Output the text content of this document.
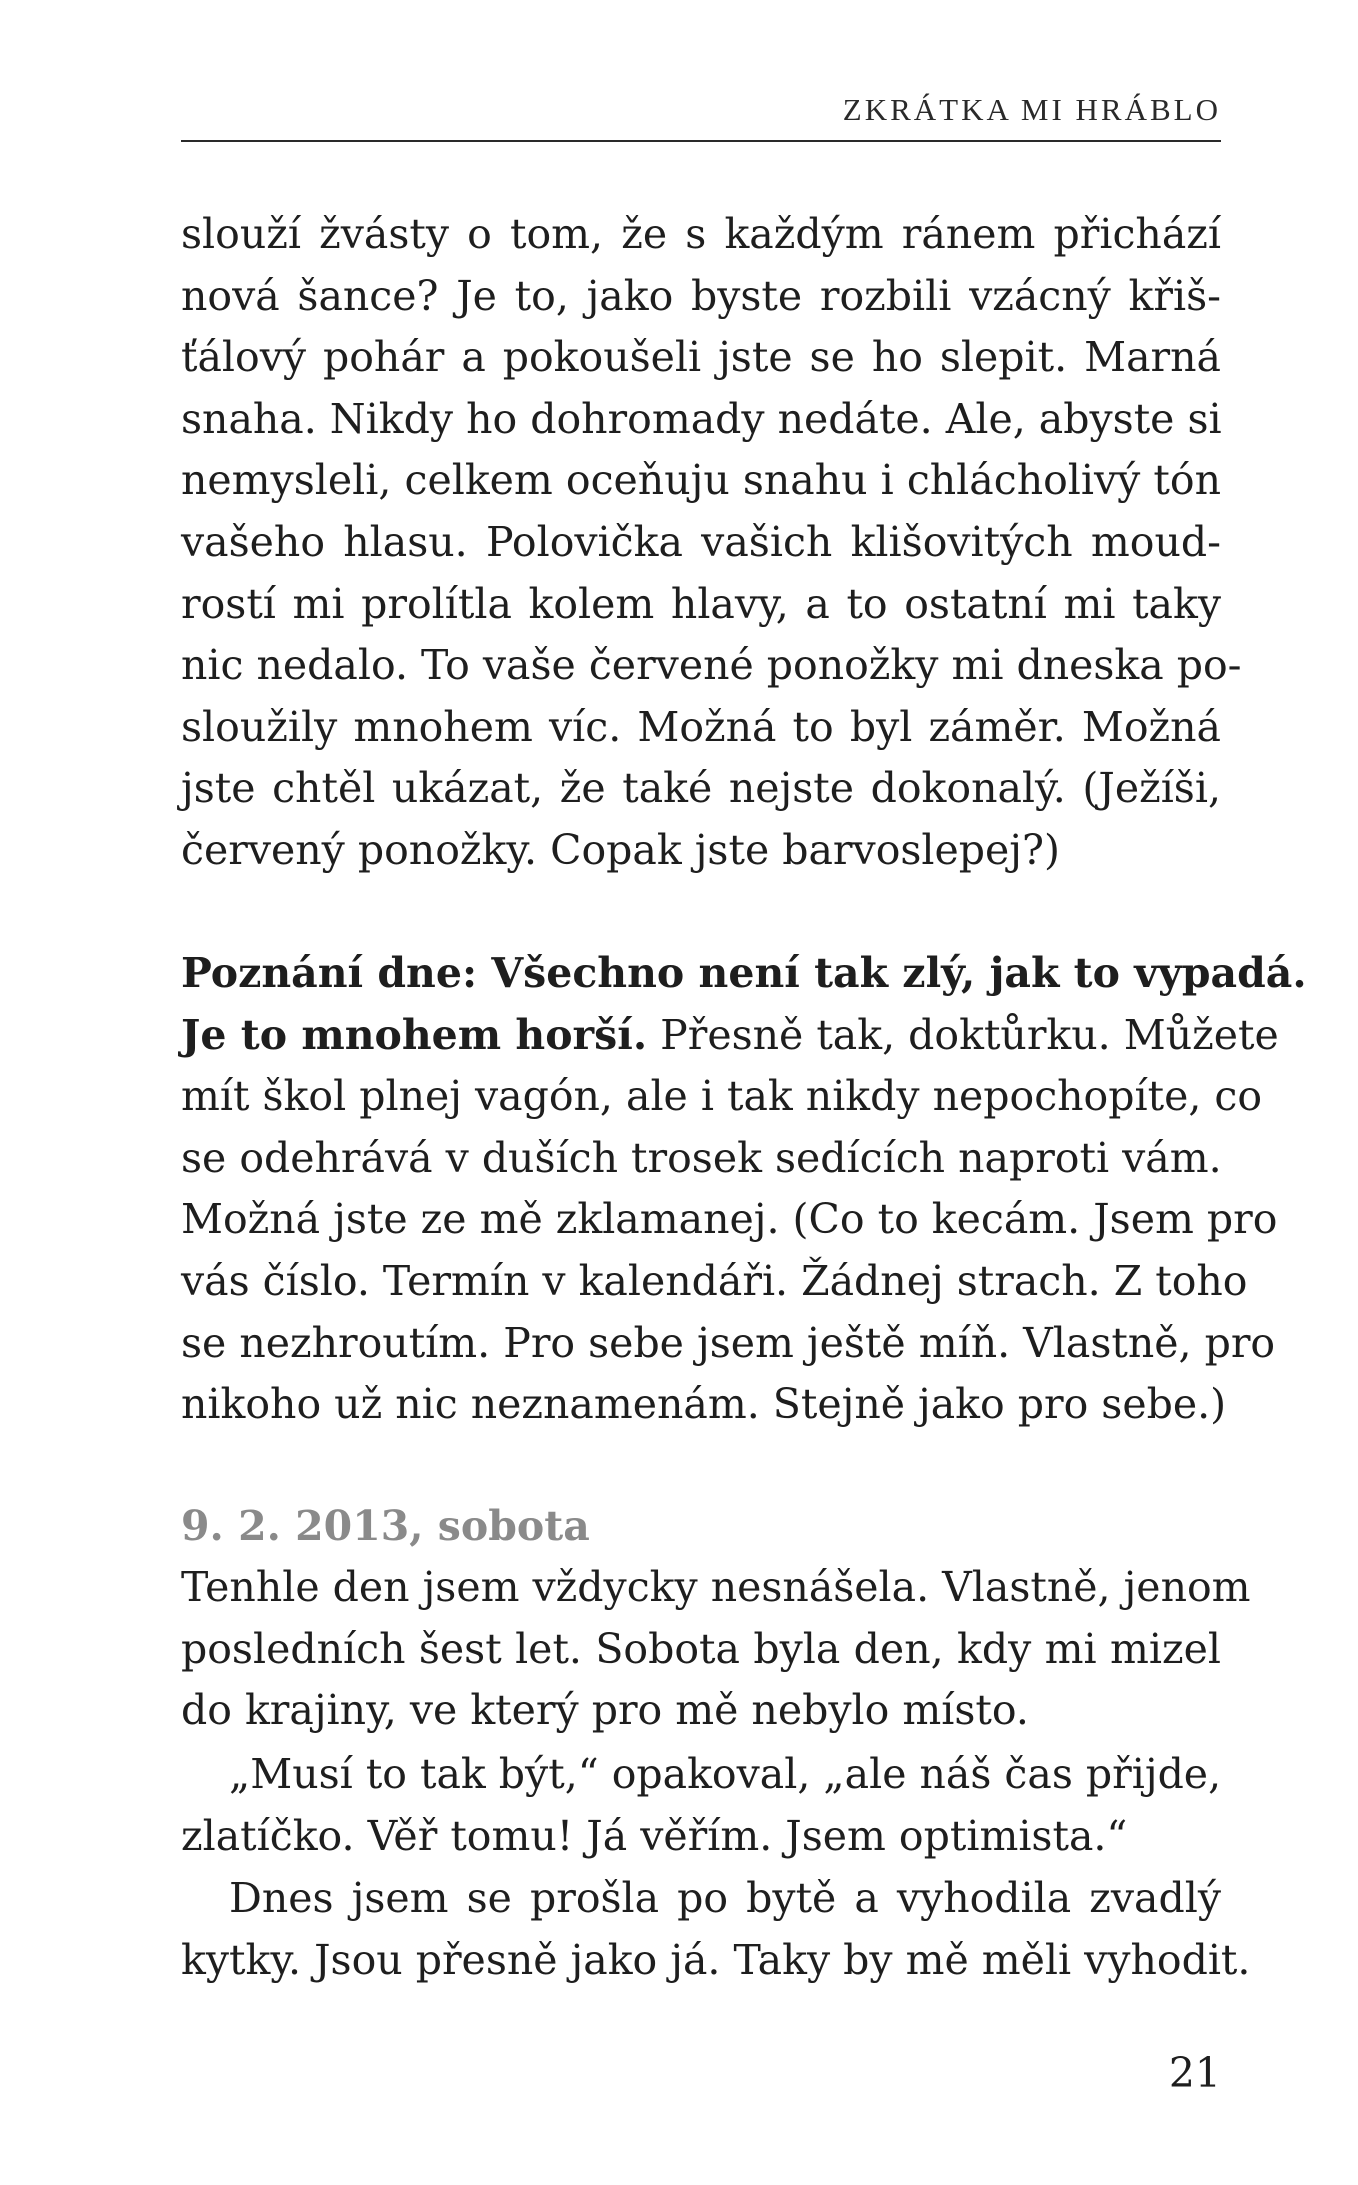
ZKRÁTKA MI HRÁBLO

slouží žvásty o tom, že s každým ránem přichází
nová šance? Je to, jako byste rozbili vzácný křiš-
ťálový pohár a pokoušeli jste se ho slepit. Marná
snaha. Nikdy ho dohromady nedáte. Ale, abyste si
nemysleli, celkem oceňuju snahu i chlácholivý tón
vašeho hlasu. Polovička vašich klišovitých moud-
rostí mi prolítla kolem hlavy, a to ostatní mi taky
nic nedalo. To vaše červené ponožky mi dneska po-
sloužily mnohem víc. Možná to byl záměr. Možná
jste chtěl ukázat, že také nejste dokonalý. (Ježíši,
červený ponožky. Copak jste barvoslepej?)

Poznání dne: Všechno není tak zlý, jak to vypadá.
Je to mnohem horší. Přesně tak, doktůrku. Můžete
mít škol plnej vagón, ale i tak nikdy nepochopíte, co
se odehrává v duších trosek sedících naproti vám.
Možná jste ze mě zklamanej. (Co to kecám. Jsem pro
vás číslo. Termín v kalendáři. Žádnej strach. Z toho
se nezhroutím. Pro sebe jsem ještě míň. Vlastně, pro
nikoho už nic neznamenám. Stejně jako pro sebe.)

9. 2. 2013, sobota

Tenhle den jsem vždycky nesnášela. Vlastně, jenom
posledních šest let. Sobota byla den, kdy mi mizel
do krajiny, ve který pro mě nebylo místo.

„Musí to tak být,“ opakoval, „ale náš čas přijde,
zlatíčko. Věř tomu! Já věřím. Jsem optimista.“

Dnes jsem se prošla po bytě a vyhodila zvadlý
kytky. Jsou přesně jako já. Taky by mě měli vyhodit.

21
